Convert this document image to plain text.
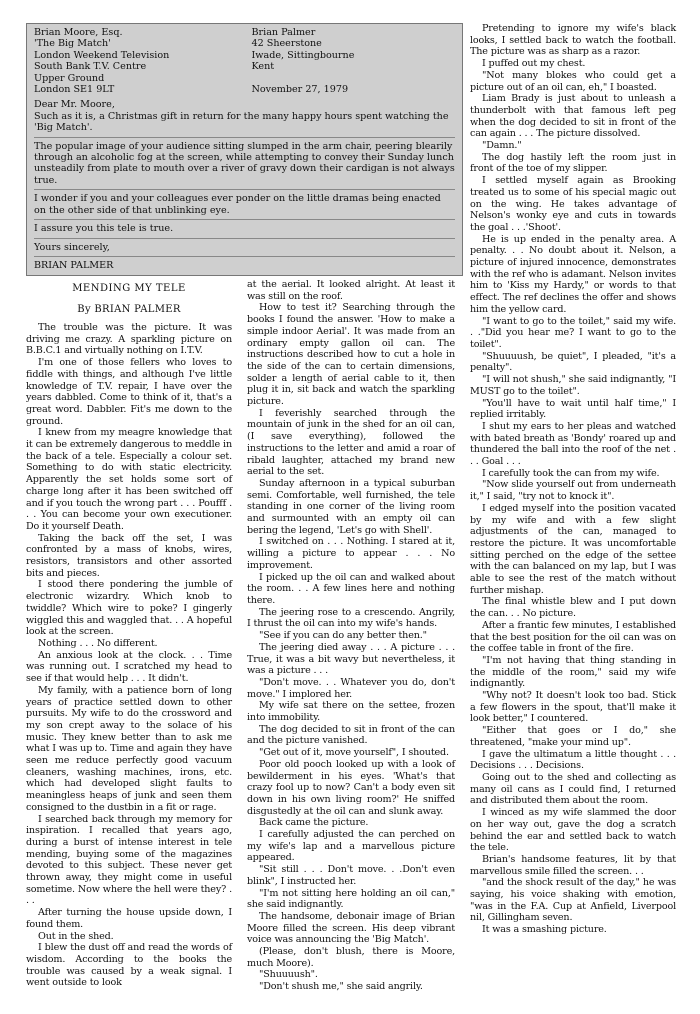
Brian Moore, Esq.
'The Big Match'
London Weekend Television
South Bank T.V. Centre
Upper Ground
London SE1 9LT
Brian Palmer
42 Sheerstone
Iwade, Sittingbourne
Kent
November 27, 1979

Dear Mr. Moore,

Such as it is, a Christmas gift in return for the many happy hours spent watching the 'Big Match'.

The popular image of your audience sitting slumped in the arm chair, peering blearily through an alcoholic fog at the screen, while attempting to convey their Sunday lunch unsteadily from plate to mouth over a river of gravy down their cardigan is not always true.

I wonder if you and your colleagues ever ponder on the little dramas being enacted on the other side of that unblinking eye.

I assure you this tele is true.

Yours sincerely,

BRIAN PALMER

MENDING MY TELE
By BRIAN PALMER

The trouble was the picture. It was driving me crazy. A sparkling picture on B.B.C.1 and virtually nothing on I.T.V.

I'm one of those fellers who loves to fiddle with things, and although I've little knowledge of T.V. repair, I have over the years dabbled. Come to think of it, that's a great word. Dabbler. Fit's me down to the ground.

I knew from my meagre knowledge that it can be extremely dangerous to meddle in the back of a tele. Especially a colour set. Something to do with static electricity. Apparently the set holds some sort of charge long after it has been switched off and if you touch the wrong part . . . Poufff . . . You can become your own executioner. Do it yourself Death.

Taking the back off the set, I was confronted by a mass of knobs, wires, resistors, transistors and other assorted bits and pieces.

I stood there pondering the jumble of electronic wizardry. Which knob to twiddle? Which wire to poke? I gingerly wiggled this and waggled that. . . A hopeful look at the screen.

Nothing . . . No different.

An anxious look at the clock. . . Time was running out. I scratched my head to see if that would help . . . It didn't.

My family, with a patience born of long years of practice settled down to other pursuits. My wife to do the crossword and my son crept away to the solace of his music. They knew better than to ask me what I was up to. Time and again they have seen me reduce perfectly good vacuum cleaners, washing machines, irons, etc. which had developed slight faults to meaningless heaps of junk and seen them consigned to the dustbin in a fit or rage.

I searched back through my memory for inspiration. I recalled that years ago, during a burst of intense interest in tele mending, buying some of the magazines devoted to this subject. These never get thrown away, they might come in useful sometime. Now where the hell were they? . . .

After turning the house upside down, I found them.

Out in the shed.

I blew the dust off and read the words of wisdom. According to the books the trouble was caused by a weak signal. I went outside to look

at the aerial. It looked alright. At least it was still on the roof.

How to test it? Searching through the books I found the answer. 'How to make a simple indoor Aerial'. It was made from an ordinary empty gallon oil can. The instructions described how to cut a hole in the side of the can to certain dimensions, solder a length of aerial cable to it, then plug it in, sit back and watch the sparkling picture.

I feverishly searched through the mountain of junk in the shed for an oil can, (I save everything), followed the instructions to the letter and amid a roar of ribald laughter, attached my brand new aerial to the set.

Sunday afternoon in a typical suburban semi. Comfortable, well furnished, the tele standing in one corner of the living room and surmounted with an empty oil can bering the legend, 'Let's go with Shell'.

I switched on . . . Nothing. I stared at it, willing a picture to appear . . . No improvement.

I picked up the oil can and walked about the room. . . A few lines here and nothing there.

The jeering rose to a crescendo. Angrily, I thrust the oil can into my wife's hands.

"See if you can do any better then."

The jeering died away . . . A picture . . . True, it was a bit wavy but nevertheless, it was a picture . . .

"Don't move. . . Whatever you do, don't move." I implored her.

My wife sat there on the settee, frozen into immobility.

The dog decided to sit in front of the can and the picture vanished.

"Get out of it, move yourself", I shouted.

Poor old pooch looked up with a look of bewilderment in his eyes. 'What's that crazy fool up to now? Can't a body even sit down in his own living room?' He sniffed disgustedly at the oil can and slunk away.

Back came the picture.

I carefully adjusted the can perched on my wife's lap and a marvellous picture appeared.

"Sit still . . . Don't move. . .Don't even blink", I instructed her.

"I'm not sitting here holding an oil can," she said indignantly.

The handsome, debonair image of Brian Moore filled the screen. His deep vibrant voice was announcing the 'Big Match'.

(Please, don't blush, there is Moore, much Moore).

"Shuuuush".

"Don't shush me," she said angrily.

Pretending to ignore my wife's black looks, I settled back to watch the football. The picture was as sharp as a razor.

I puffed out my chest.

"Not many blokes who could get a picture out of an oil can, eh," I boasted.

Liam Brady is just about to unleash a thunderbolt with that famous left peg when the dog decided to sit in front of the can again . . . The picture dissolved.

"Damn."

The dog hastily left the room just in front of the toe of my slipper.

I settled myself again as Brooking treated us to some of his special magic out on the wing. He takes advantage of Nelson's wonky eye and cuts in towards the goal . . .'Shoot'.

He is up ended in the penalty area. A penalty. . . No doubt about it. Nelson, a picture of injured innocence, demonstrates with the ref who is adamant. Nelson invites him to 'Kiss my Hardy," or words to that effect. The ref declines the offer and shows him the yellow card.

"I want to go to the toilet," said my wife. . ."Did you hear me? I want to go to the toilet".

"Shuuuush, be quiet", I pleaded, "it's a penalty".

"I will not shush," she said indignantly, "I MUST go to the toilet".

"You'll have to wait until half time," I replied irritably.

I shut my ears to her pleas and watched with bated breath as 'Bondy' roared up and thundered the ball into the roof of the net . . . Goal . . .

I carefully took the can from my wife.

"Now slide yourself out from underneath it," I said, "try not to knock it".

I edged myself into the position vacated by my wife and with a few slight adjustments of the can, managed to restore the picture. It was uncomfortable sitting perched on the edge of the settee with the can balanced on my lap, but I was able to see the rest of the match without further mishap.

The final whistle blew and I put down the can. . . No picture.

After a frantic few minutes, I established that the best position for the oil can was on the coffee table in front of the fire.

"I'm not having that thing standing in the middle of the room," said my wife indignantly.

"Why not? It doesn't look too bad. Stick a few flowers in the spout, that'll make it look better," I countered.

"Either that goes or I do," she threatened, "make your mind up".

I gave the ultimatum a little thought . . . Decisions . . . Decisions.

Going out to the shed and collecting as many oil cans as I could find, I returned and distributed them about the room.

I winced as my wife slammed the door on her way out, gave the dog a scratch behind the ear and settled back to watch the tele.

Brian's handsome features, lit by that marvellous smile filled the screen. . .

"and the shock result of the day," he was saying, his voice shaking with emotion, "was in the F.A. Cup at Anfield, Liverpool nil, Gillingham seven.

It was a smashing picture.
